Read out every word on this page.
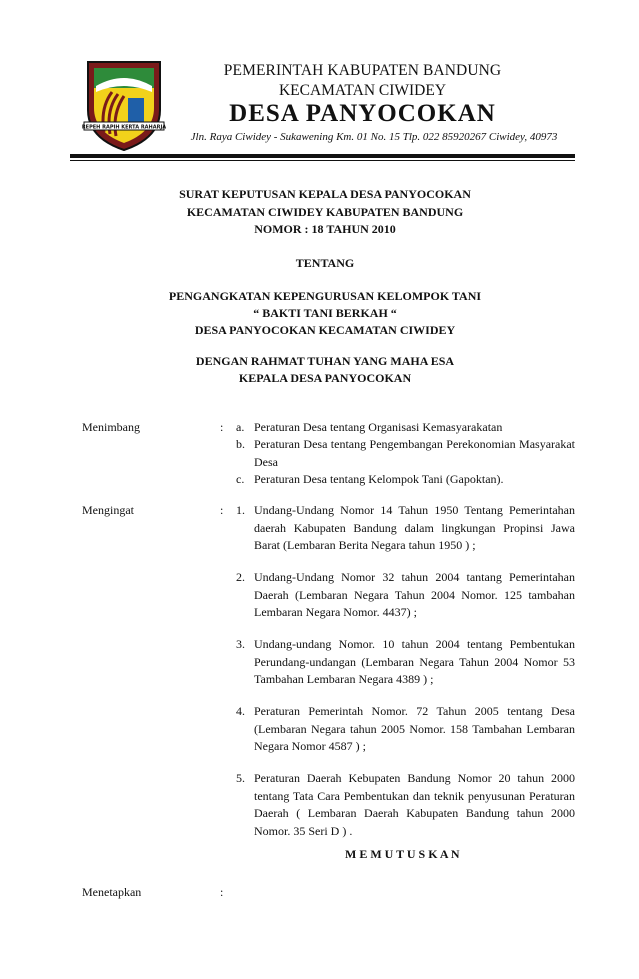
REPEH RAPIH KERTA RAHARJA
PEMERINTAH KABUPATEN BANDUNG
KECAMATAN CIWIDEY
DESA PANYOCOKAN
Jln. Raya Ciwidey - Sukawening Km. 01 No. 15 Tlp. 022 85920267 Ciwidey, 40973
SURAT KEPUTUSAN KEPALA DESA PANYOCOKAN
KECAMATAN CIWIDEY KABUPATEN BANDUNG
NOMOR : 18 TAHUN 2010
TENTANG
PENGANGKATAN KEPENGURUSAN KELOMPOK TANI
“ BAKTI TANI BERKAH “
DESA PANYOCOKAN KECAMATAN CIWIDEY
DENGAN RAHMAT TUHAN YANG MAHA ESA
KEPALA DESA PANYOCOKAN
Menimbang	: a. Peraturan Desa tentang Organisasi Kemasyarakatan
b. Peraturan Desa tentang Pengembangan Perekonomian Masyarakat Desa
c. Peraturan Desa tentang Kelompok Tani (Gapoktan).
Mengingat	: 1. Undang-Undang Nomor 14 Tahun 1950 Tentang Pemerintahan daerah Kabupaten Bandung dalam lingkungan Propinsi Jawa Barat (Lembaran Berita Negara tahun 1950 ) ;
2. Undang-Undang Nomor 32 tahun 2004 tantang Pemerintahan Daerah (Lembaran Negara Tahun 2004 Nomor. 125 tambahan Lembaran Negara Nomor. 4437) ;
3. Undang-undang Nomor. 10 tahun 2004 tentang Pembentukan Perundang-undangan (Lembaran Negara Tahun 2004 Nomor 53 Tambahan Lembaran Negara 4389 ) ;
4. Peraturan Pemerintah Nomor. 72 Tahun 2005 tentang Desa (Lembaran Negara tahun 2005 Nomor. 158 Tambahan Lembaran Negara Nomor 4587 ) ;
5. Peraturan Daerah Kebupaten Bandung Nomor 20 tahun 2000 tentang Tata Cara Pembentukan dan teknik penyusunan Peraturan Daerah ( Lembaran Daerah Kabupaten Bandung tahun 2000 Nomor. 35 Seri D ) .
M E M U T U S K A N
Menetapkan	:
